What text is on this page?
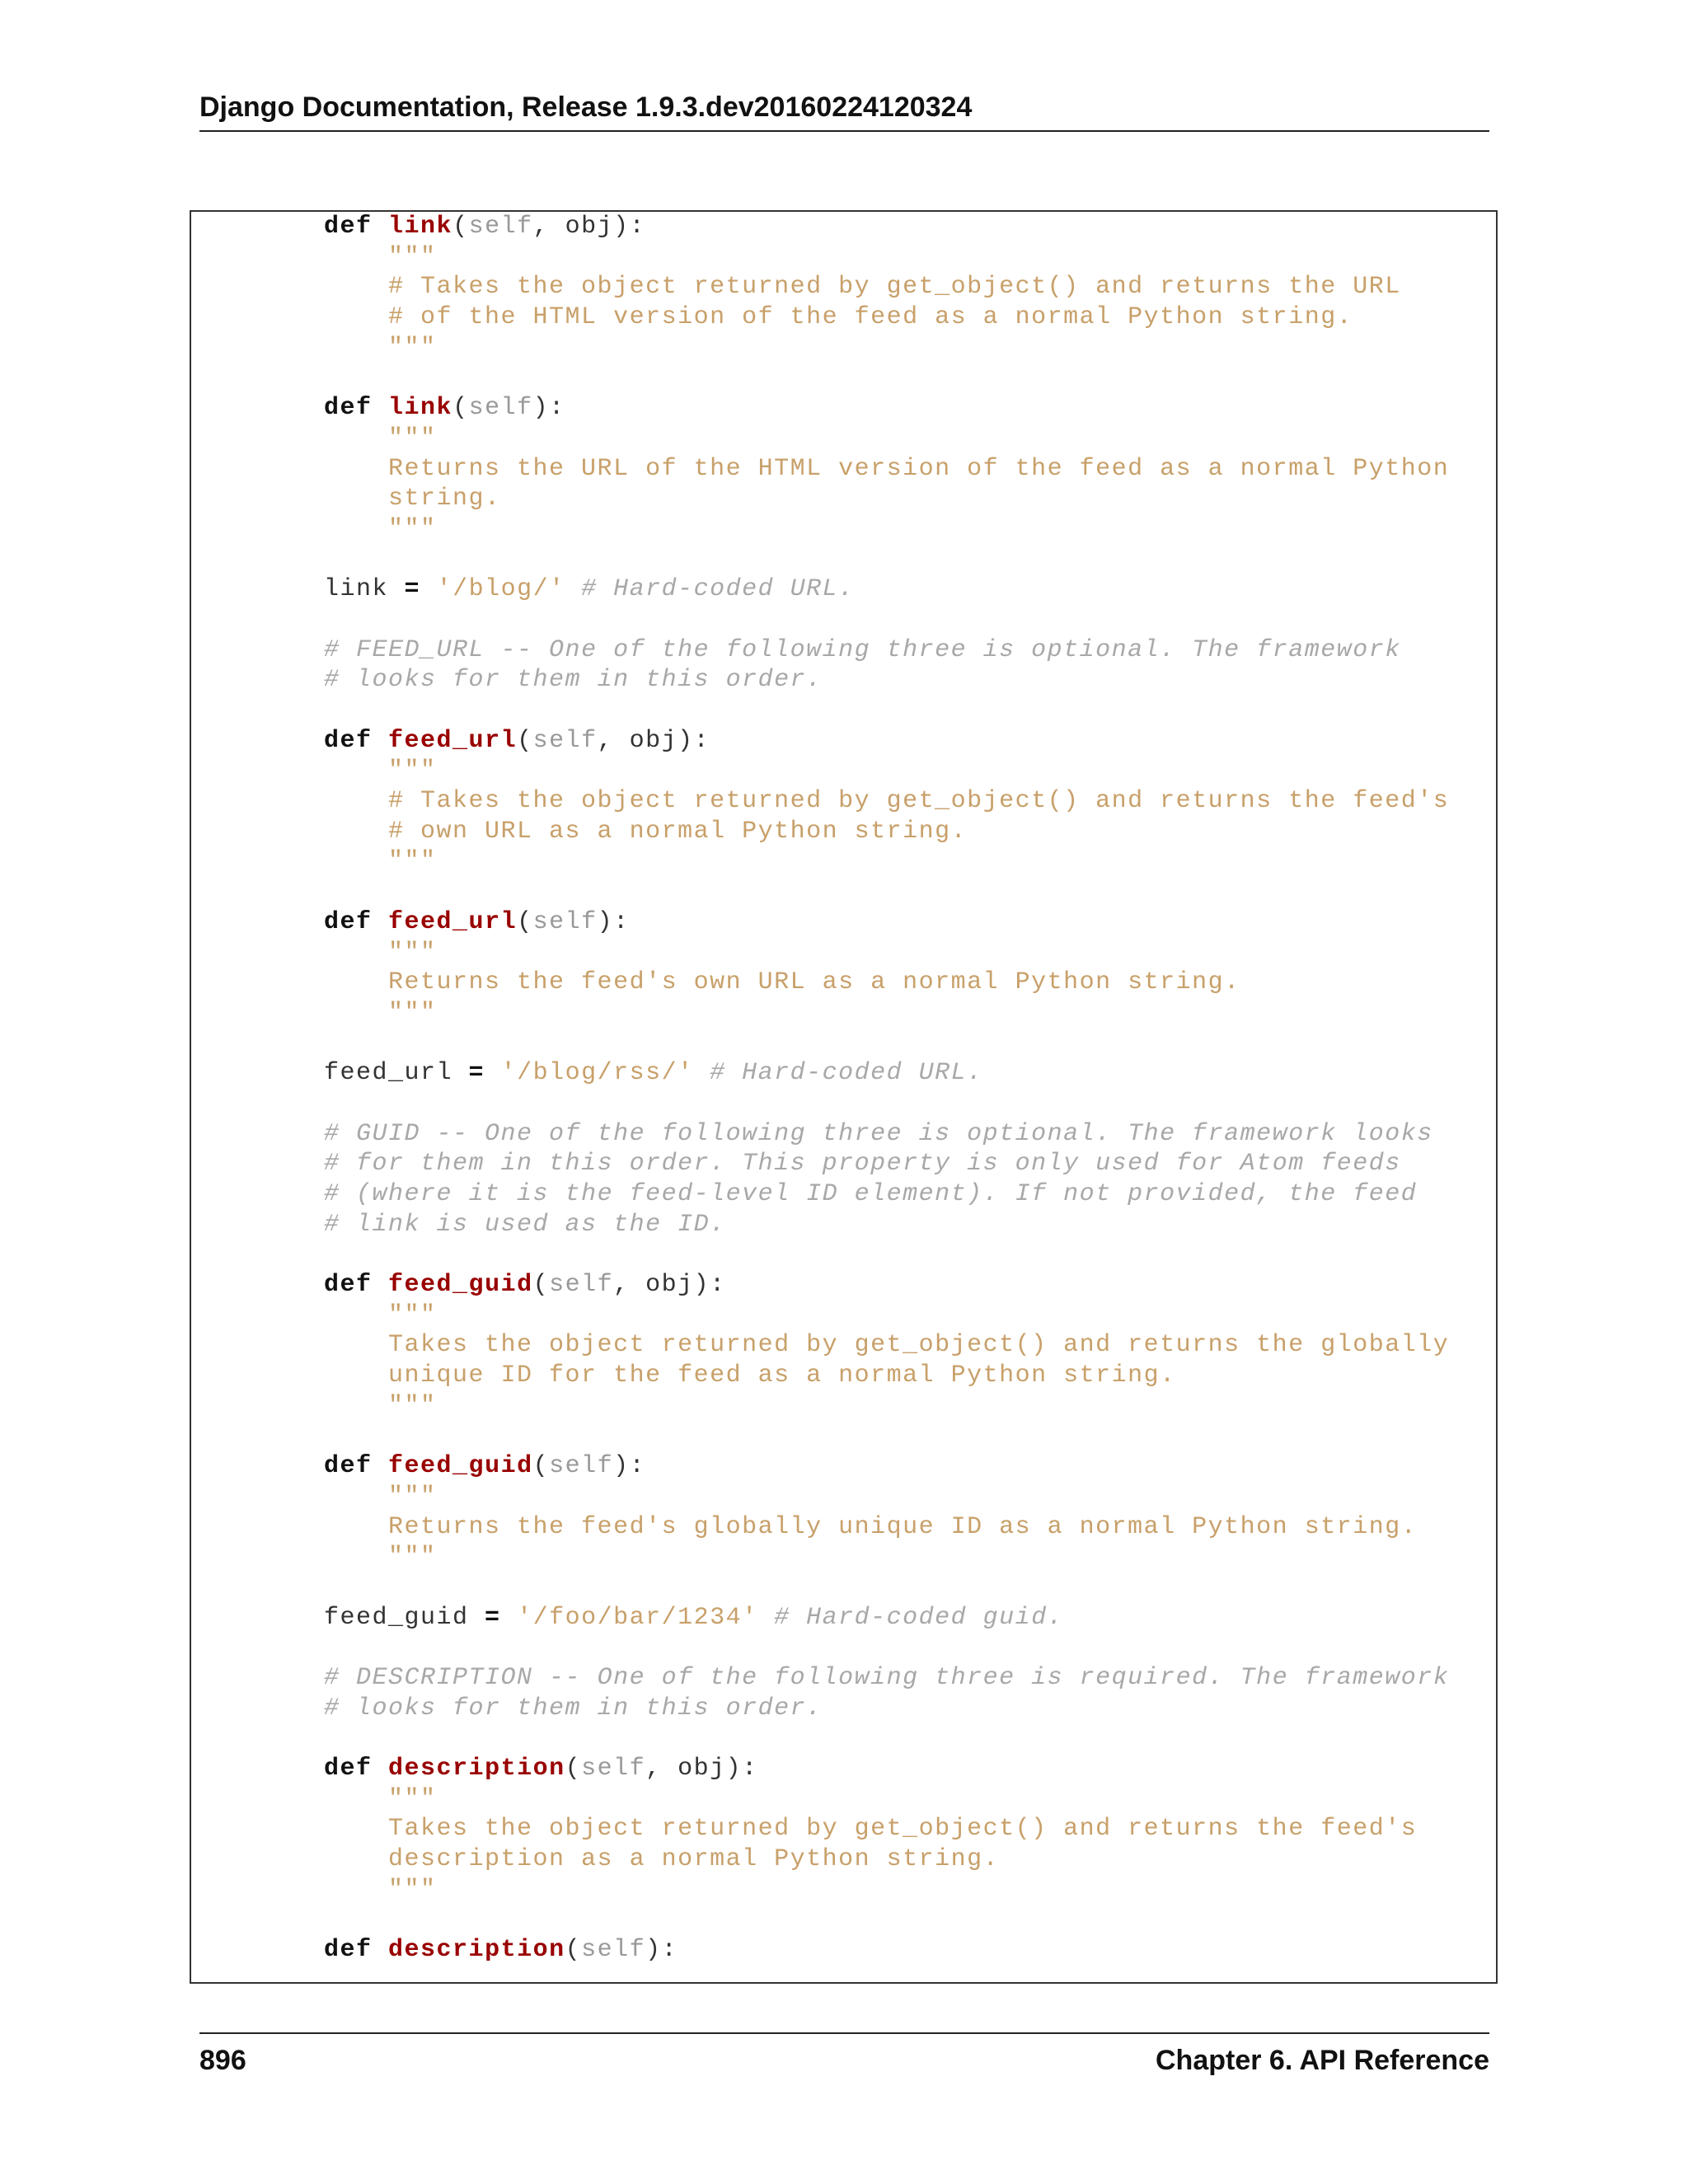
Django Documentation, Release 1.9.3.dev20160224120324
def link(self, obj):
"""
# Takes the object returned by get_object() and returns the URL
# of the HTML version of the feed as a normal Python string.
"""
def link(self):
"""
Returns the URL of the HTML version of the feed as a normal Python
string.
"""
link = '/blog/' # Hard-coded URL.
# FEED_URL -- One of the following three is optional. The framework
# looks for them in this order.
def feed_url(self, obj):
"""
# Takes the object returned by get_object() and returns the feed's
# own URL as a normal Python string.
"""
def feed_url(self):
"""
Returns the feed's own URL as a normal Python string.
"""
feed_url = '/blog/rss/' # Hard-coded URL.
# GUID -- One of the following three is optional. The framework looks
# for them in this order. This property is only used for Atom feeds
# (where it is the feed-level ID element). If not provided, the feed
# link is used as the ID.
def feed_guid(self, obj):
"""
Takes the object returned by get_object() and returns the globally
unique ID for the feed as a normal Python string.
"""
def feed_guid(self):
"""
Returns the feed's globally unique ID as a normal Python string.
"""
feed_guid = '/foo/bar/1234' # Hard-coded guid.
# DESCRIPTION -- One of the following three is required. The framework
# looks for them in this order.
def description(self, obj):
"""
Takes the object returned by get_object() and returns the feed's
description as a normal Python string.
"""
def description(self):
896	Chapter 6. API Reference
